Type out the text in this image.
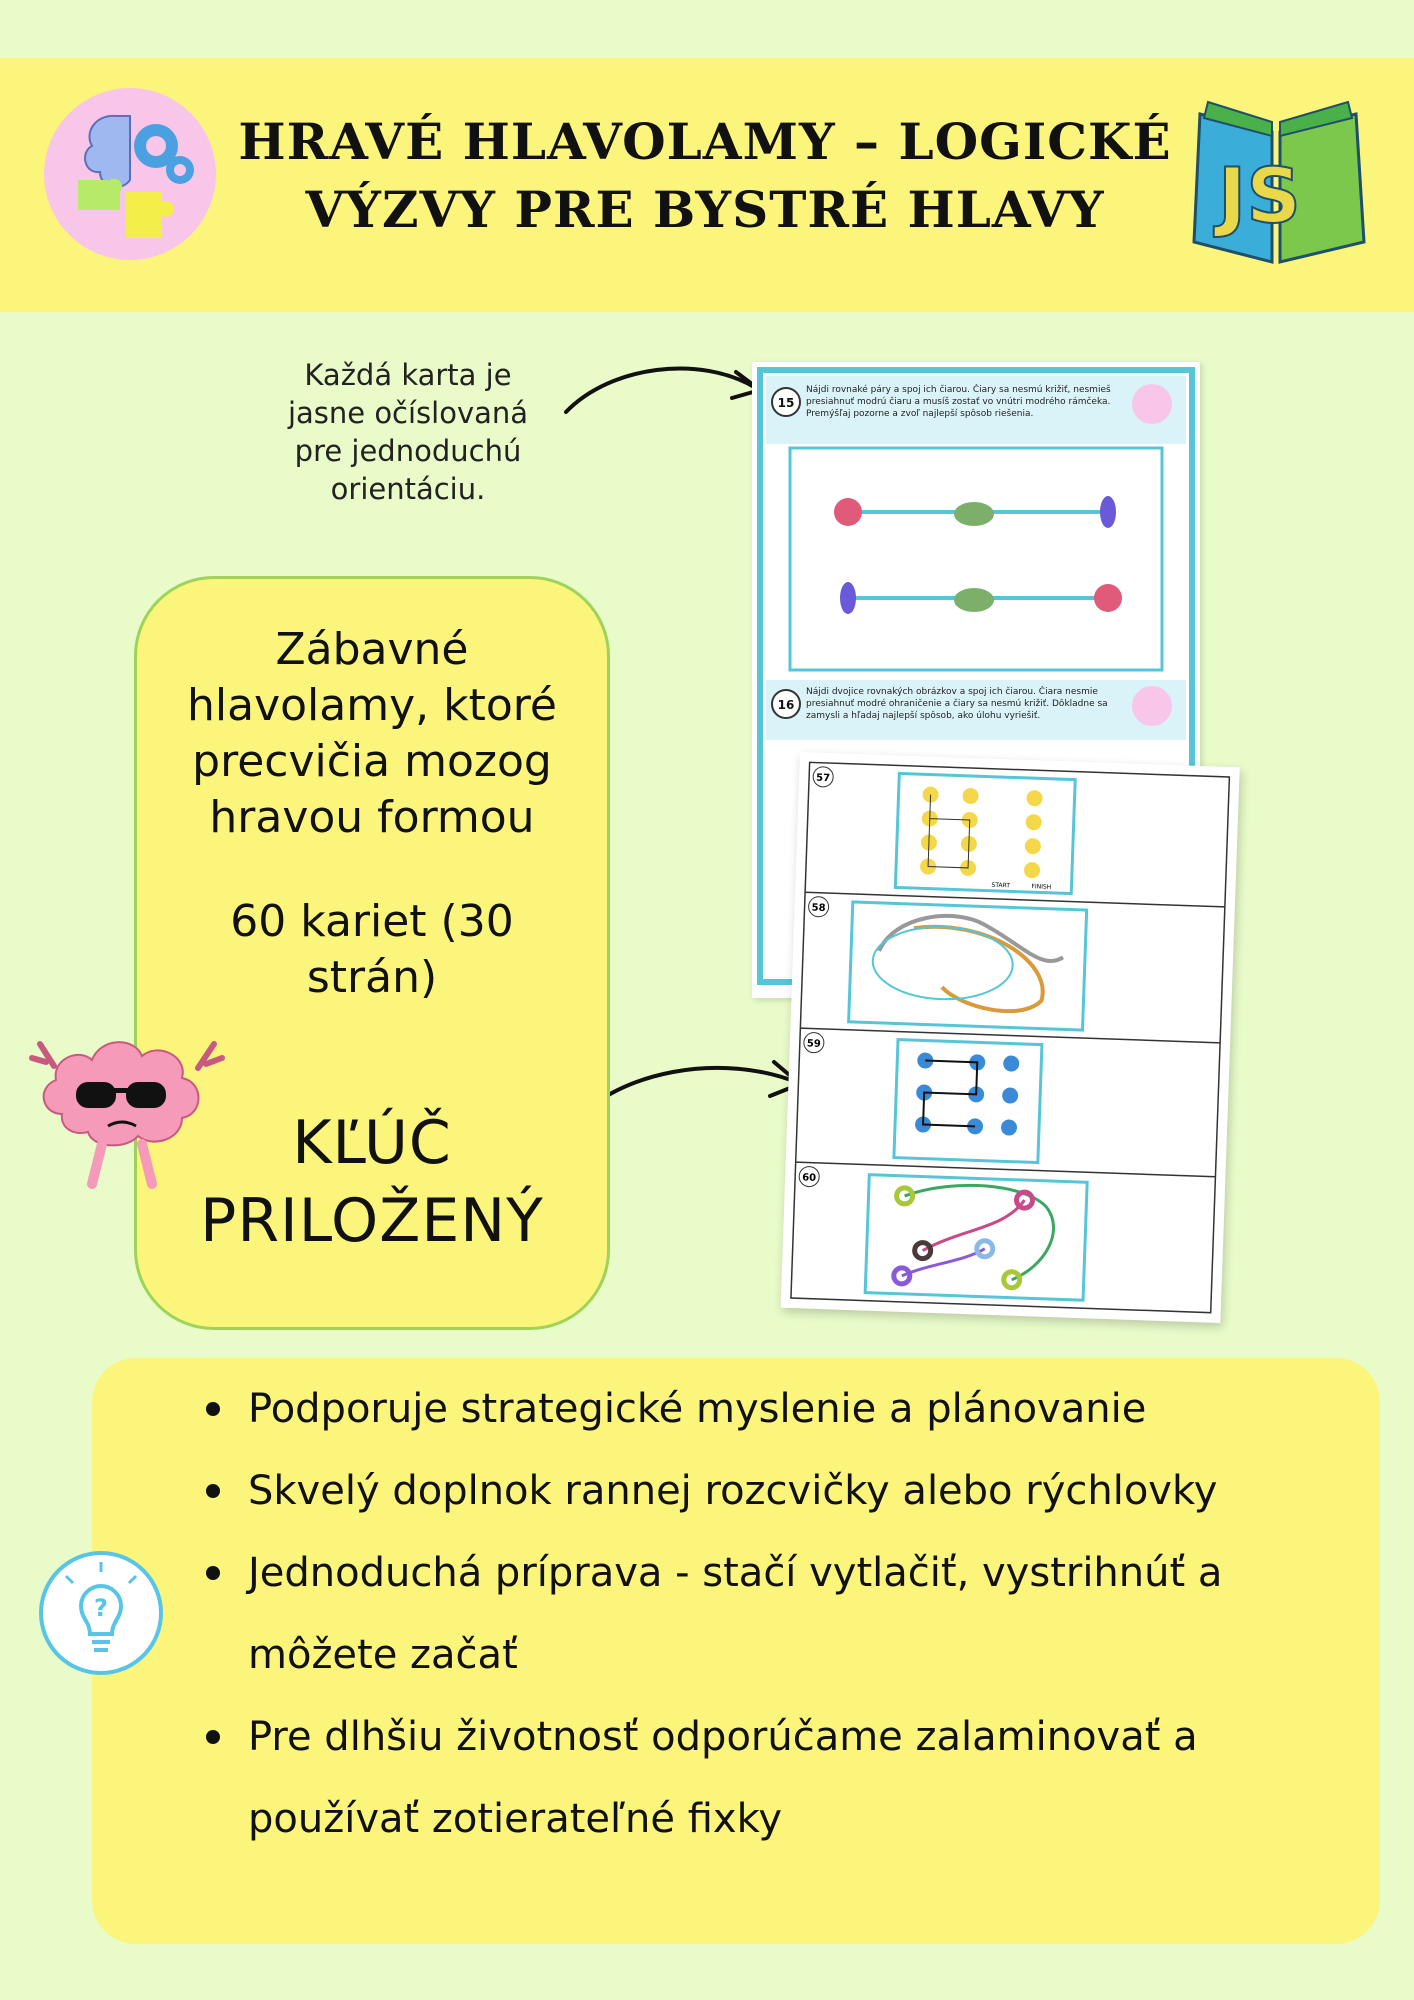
HRAVÉ HLAVOLAMY – LOGICKÉ
VÝZVY PRE BYSTRÉ HLAVY	JS
Každá karta je
jasne očíslovaná
pre jednoduchú
orientáciu.
Zábavné
hlavolamy, ktoré
precvičia mozog
hravou formou
60 kariet (30
strán)
KĽÚČ
PRILOŽENÝ
15
Nájdi rovnaké páry a spoj ich čiarou. Čiary sa nesmú križiť, nesmieš presiahnuť modrú čiaru a musíš zostať vo vnútri modrého rámčeka. Premýšľaj pozorne a zvoľ najlepší spôsob riešenia.
16
Nájdi dvojice rovnakých obrázkov a spoj ich čiarou. Čiara nesmie presiahnuť modré ohraničenie a čiary sa nesmú križiť. Dôkladne sa zamysli a hľadaj najlepší spôsob, ako úlohu vyriešiť.
57
START	FINISH
58
59
60
?
Podporuje strategické myslenie a plánovanie
Skvelý doplnok rannej rozcvičky alebo rýchlovky
Jednoduchá príprava - stačí vytlačiť, vystrihnúť a môžete začať
Pre dlhšiu životnosť odporúčame zalaminovať a používať zotierateľné fixky
